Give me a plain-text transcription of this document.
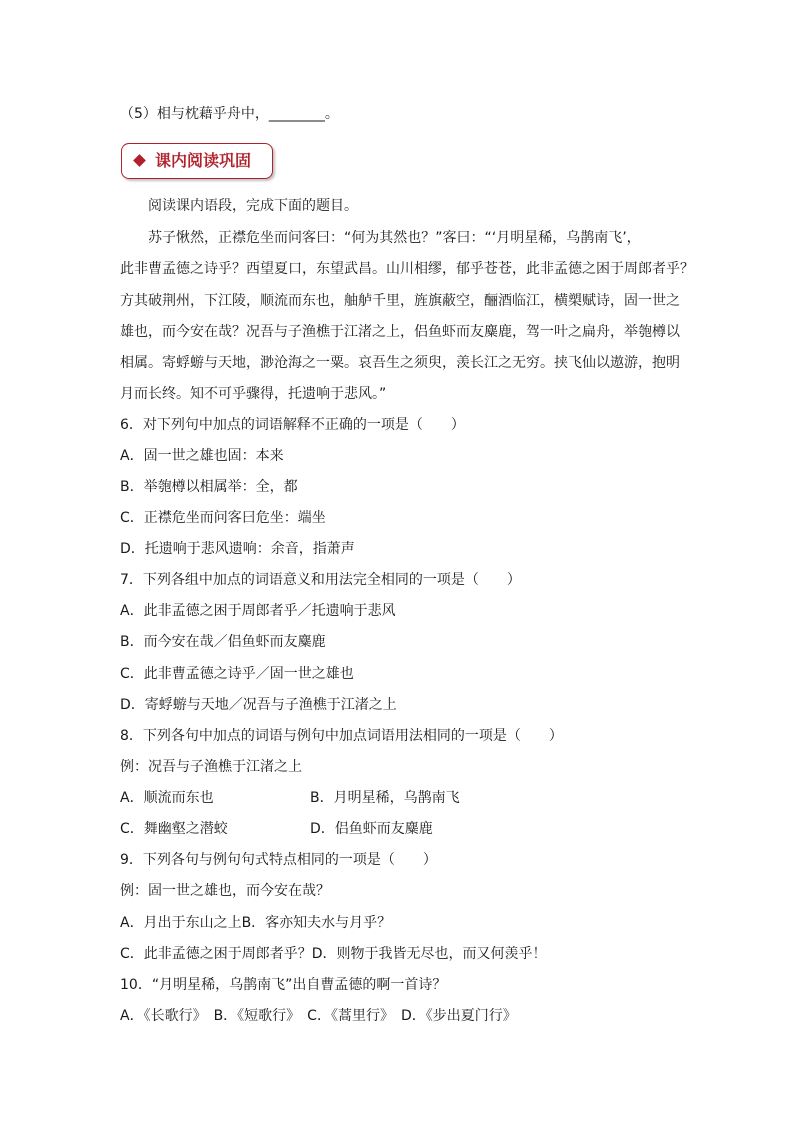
（5）相与枕藉乎舟中，________。
课内阅读巩固
阅读课内语段，完成下面的题目。
苏子愀然，正襟危坐而问客曰：“何为其然也？”客曰：“‘月明星稀，乌鹊南飞’，
此非曹孟德之诗乎？西望夏口，东望武昌。山川相缪，郁乎苍苍，此非孟德之困于周郎者乎？
方其破荆州，下江陵，顺流而东也，舳舻千里，旌旗蔽空，酾酒临江，横槊赋诗，固一世之
雄也，而今安在哉？况吾与子渔樵于江渚之上，侣鱼虾而友麋鹿，驾一叶之扁舟，举匏樽以
相属。寄蜉蝣与天地，渺沧海之一粟。哀吾生之须臾，羡长江之无穷。挟飞仙以遨游，抱明
月而长终。知不可乎骤得，托遗响于悲风。”
6．对下列句中加点的词语解释不正确的一项是（　　）
A．固一世之雄也固：本来
B．举匏樽以相属举：全，都
C．正襟危坐而问客曰危坐：端坐
D．托遗响于悲风遗响：余音，指萧声
7．下列各组中加点的词语意义和用法完全相同的一项是（　　）
A．此非孟德之困于周郎者乎／托遗响于悲风
B．而今安在哉／侣鱼虾而友麋鹿
C．此非曹孟德之诗乎／固一世之雄也
D．寄蜉蝣与天地／况吾与子渔樵于江渚之上
8．下列各句中加点的词语与例句中加点词语用法相同的一项是（　　）
例：况吾与子渔樵于江渚之上
A．顺流而东也	B．月明星稀，乌鹊南飞
C．舞幽壑之潜蛟	D．侣鱼虾而友麋鹿
9．下列各句与例句句式特点相同的一项是（　　）
例：固一世之雄也，而今安在哉？
A．月出于东山之上B．客亦知夫水与月乎？
C．此非孟德之困于周郎者乎？D．则物于我皆无尽也，而又何羡乎！
10．“月明星稀，乌鹊南飞”出自曹孟德的啊一首诗？
A．《长歌行》　B．《短歌行》　C．《蒿里行》　D．《步出夏门行》
